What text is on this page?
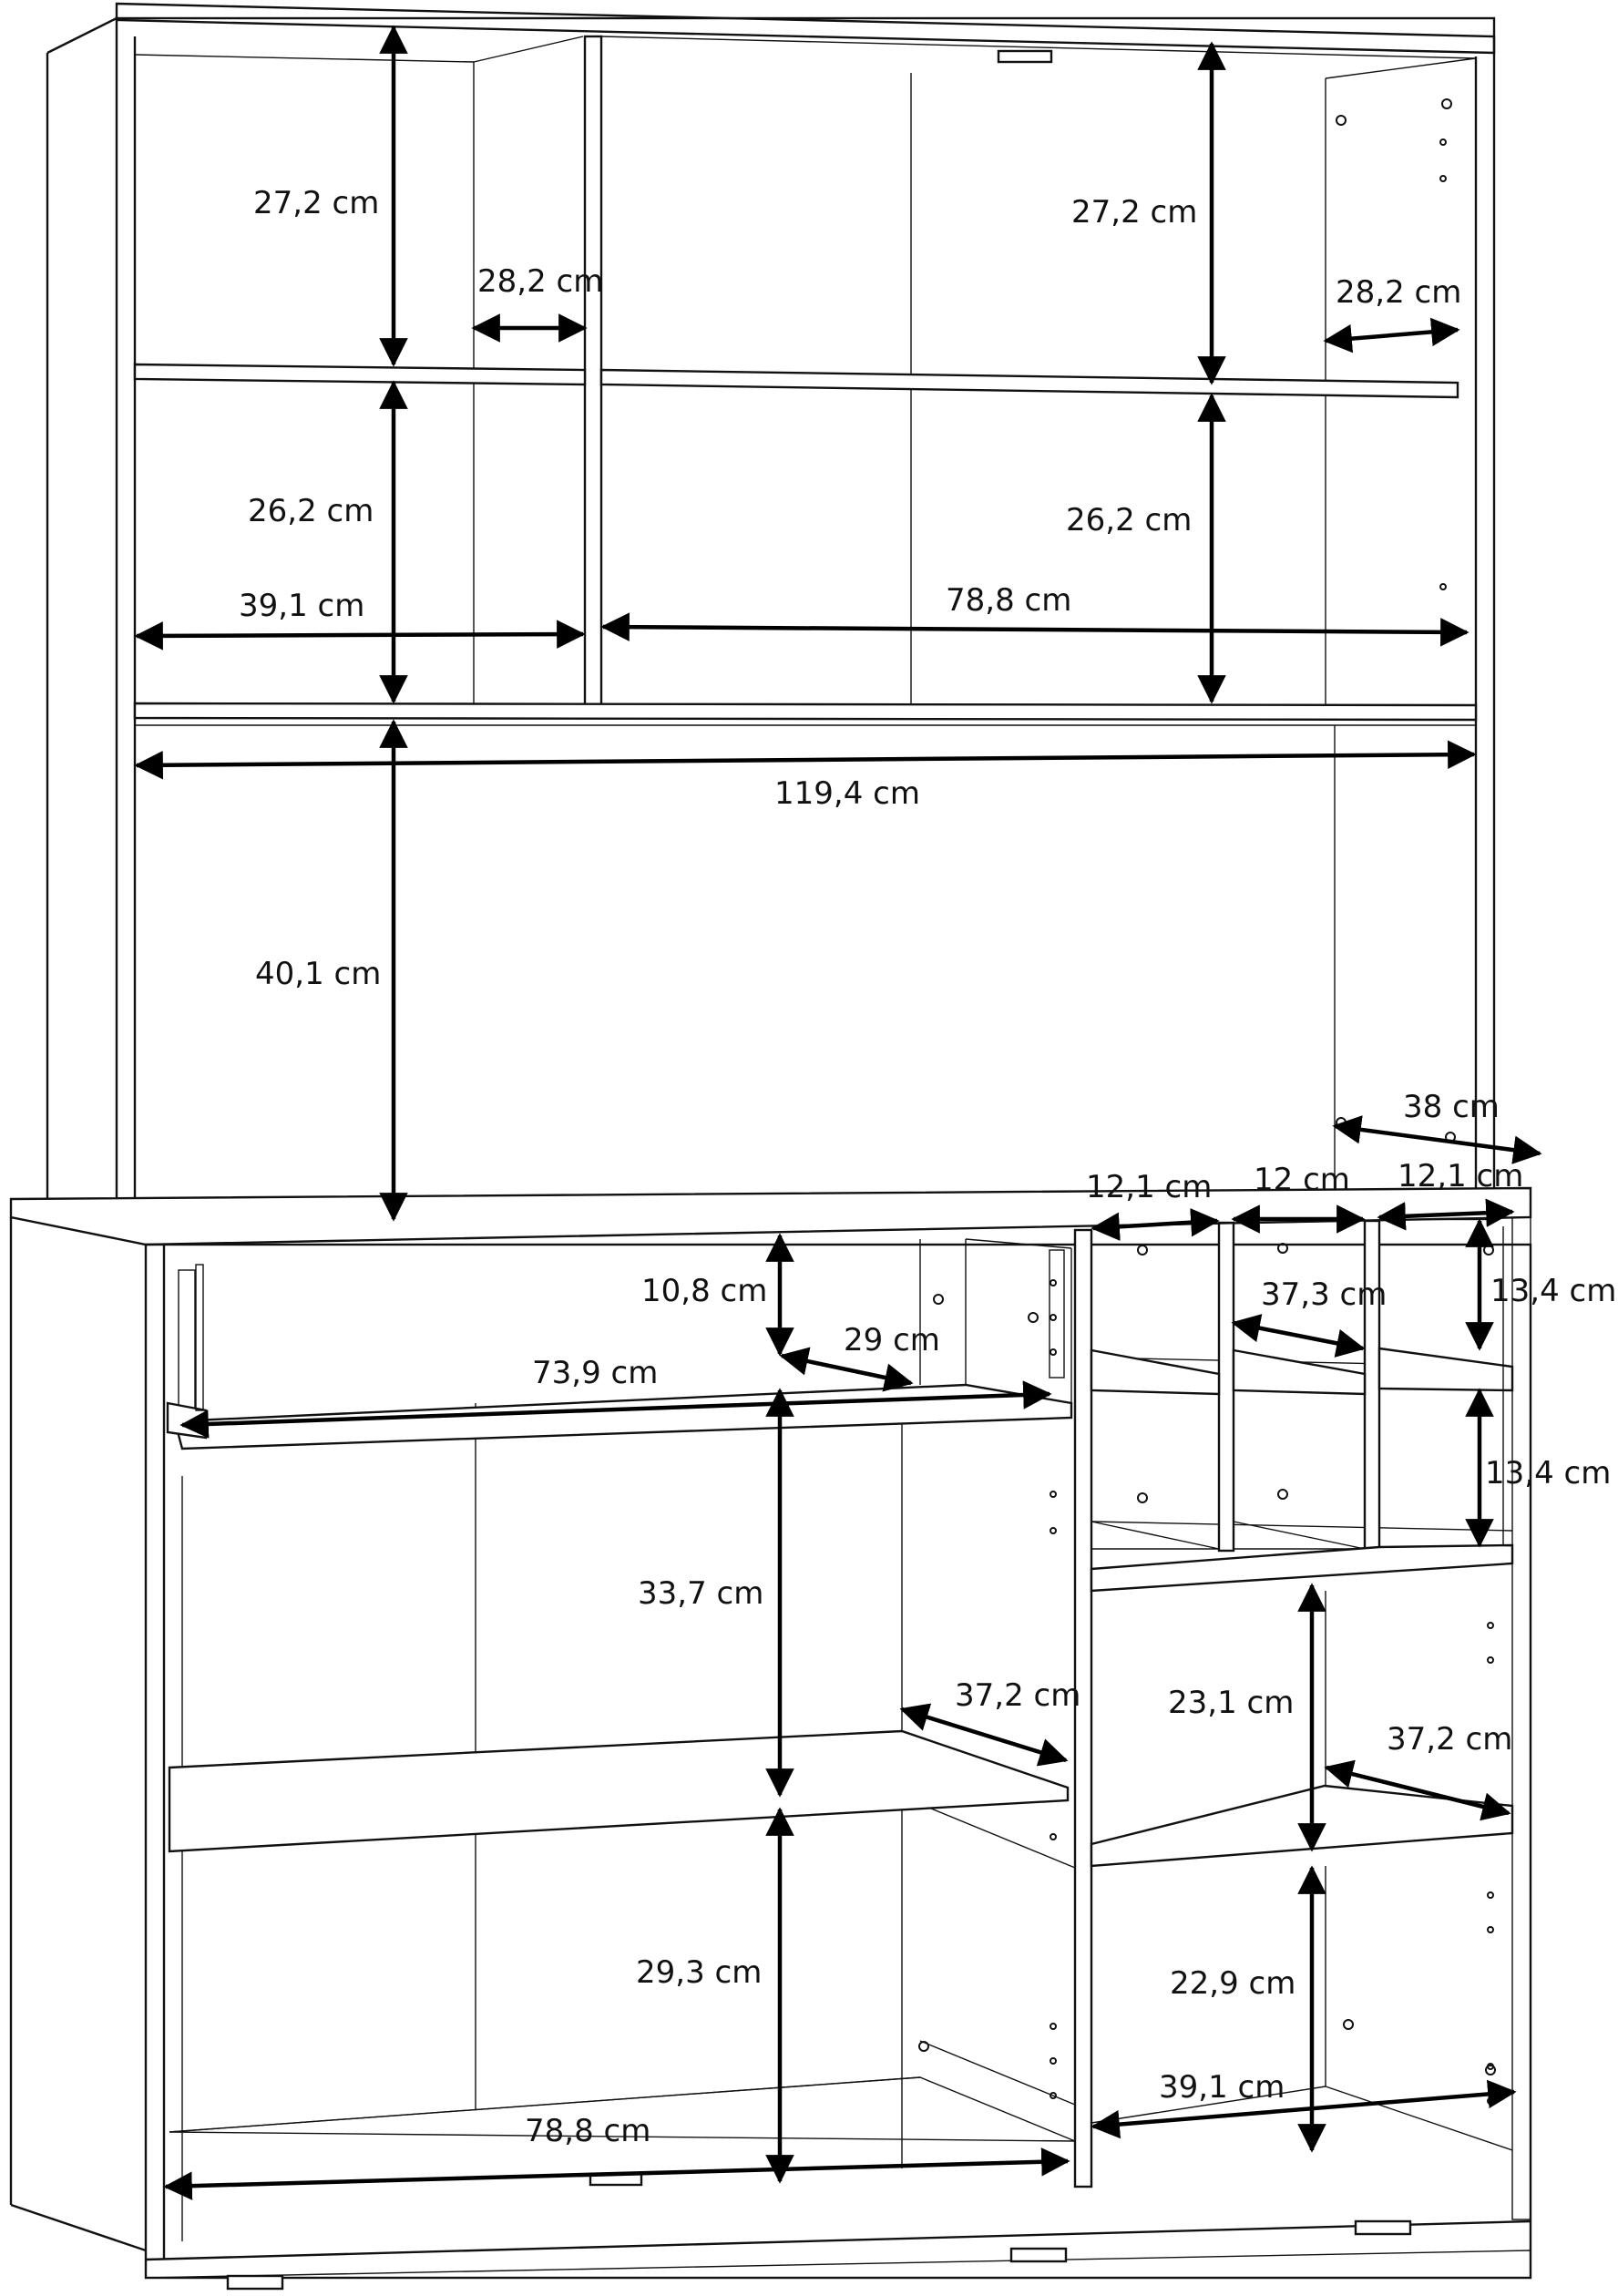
27,2 cm
28,2 cm
27,2 cm
28,2 cm
26,2 cm	26,2 cm
39,1 cm	78,8 cm
119,4 cm
40,1 cm
38 cm
12,1 cm 12 cm 12,1 cm
10,8 cm
29 cm
73,9 cm
37,3 cm	13,4 cm
13,4 cm
33,7 cm
37,2 cm
29,3 cm
78,8 cm
23,1 cm
37,2 cm
22,9 cm
39,1 cm
